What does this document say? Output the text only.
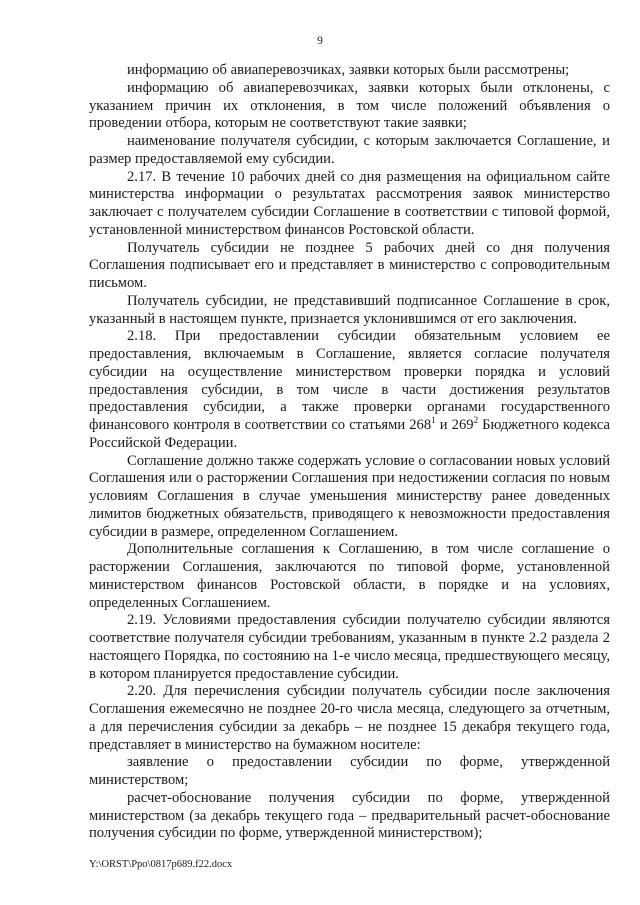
9

информацию об авиаперевозчиках, заявки которых были рассмотрены;

информацию об авиаперевозчиках, заявки которых были отклонены, с указанием причин их отклонения, в том числе положений объявления о проведении отбора, которым не соответствуют такие заявки;

наименование получателя субсидии, с которым заключается Соглашение, и размер предоставляемой ему субсидии.

2.17. В течение 10 рабочих дней со дня размещения на официальном сайте министерства информации о результатах рассмотрения заявок министерство заключает с получателем субсидии Соглашение в соответствии с типовой формой, установленной министерством финансов Ростовской области.

Получатель субсидии не позднее 5 рабочих дней со дня получения Соглашения подписывает его и представляет в министерство с сопроводительным письмом.

Получатель субсидии, не представивший подписанное Соглашение в срок, указанный в настоящем пункте, признается уклонившимся от его заключения.

2.18. При предоставлении субсидии обязательным условием ее предоставления, включаемым в Соглашение, является согласие получателя субсидии на осуществление министерством проверки порядка и условий предоставления субсидии, в том числе в части достижения результатов предоставления субсидии, а также проверки органами государственного финансового контроля в соответствии со статьями $268^1$ и $269^2$ Бюджетного кодекса Российской Федерации.

Соглашение должно также содержать условие о согласовании новых условий Соглашения или о расторжении Соглашения при недостижении согласия по новым условиям Соглашения в случае уменьшения министерству ранее доведенных лимитов бюджетных обязательств, приводящего к невозможности предоставления субсидии в размере, определенном Соглашением.

Дополнительные соглашения к Соглашению, в том числе соглашение о расторжении Соглашения, заключаются по типовой форме, установленной министерством финансов Ростовской области, в порядке и на условиях, определенных Соглашением.

2.19. Условиями предоставления субсидии получателю субсидии являются соответствие получателя субсидии требованиям, указанным в пункте 2.2 раздела 2 настоящего Порядка, по состоянию на 1-е число месяца, предшествующего месяцу, в котором планируется предоставление субсидии.

2.20. Для перечисления субсидии получатель субсидии после заключения Соглашения ежемесячно не позднее 20-го числа месяца, следующего за отчетным, а для перечисления субсидии за декабрь – не позднее 15 декабря текущего года, представляет в министерство на бумажном носителе:

заявление о предоставлении субсидии по форме, утвержденной министерством;

расчет-обоснование получения субсидии по форме, утвержденной министерством (за декабрь текущего года – предварительный расчет-обоснование получения субсидии по форме, утвержденной министерством);

Y:\ORST\Ppo\0817p689.f22.docx
